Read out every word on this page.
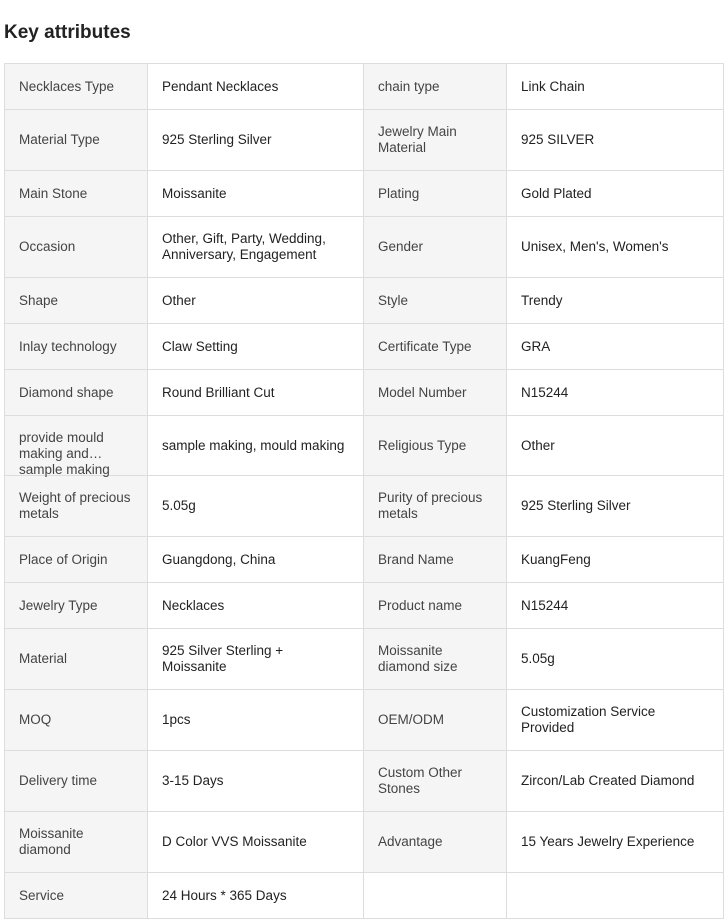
Key attributes
Necklaces Type	Pendant Necklaces	chain type	Link Chain
Material Type	925 Sterling Silver	Jewelry Main Material	925 SILVER
Main Stone	Moissanite	Plating	Gold Plated
Occasion	Other, Gift, Party, Wedding, Anniversary, Engagement	Gender	Unisex, Men's, Women's
Shape	Other	Style	Trendy
Inlay technology	Claw Setting	Certificate Type	GRA
Diamond shape	Round Brilliant Cut	Model Number	N15244

provide mould making and sample making	sample making, mould making	Religious Type	Other
Weight of precious metals	5.05g	Purity of precious metals	925 Sterling Silver
Place of Origin	Guangdong, China	Brand Name	KuangFeng
Jewelry Type	Necklaces	Product name	N15244
Material	925 Silver Sterling + Moissanite	Moissanite diamond size	5.05g
MOQ	1pcs	OEM/ODM	Customization Service Provided
Delivery time	3-15 Days	Custom Other Stones	Zircon/Lab Created Diamond
Moissanite diamond	D Color VVS Moissanite	Advantage	15 Years Jewelry Experience
Service	24 Hours * 365 Days		
